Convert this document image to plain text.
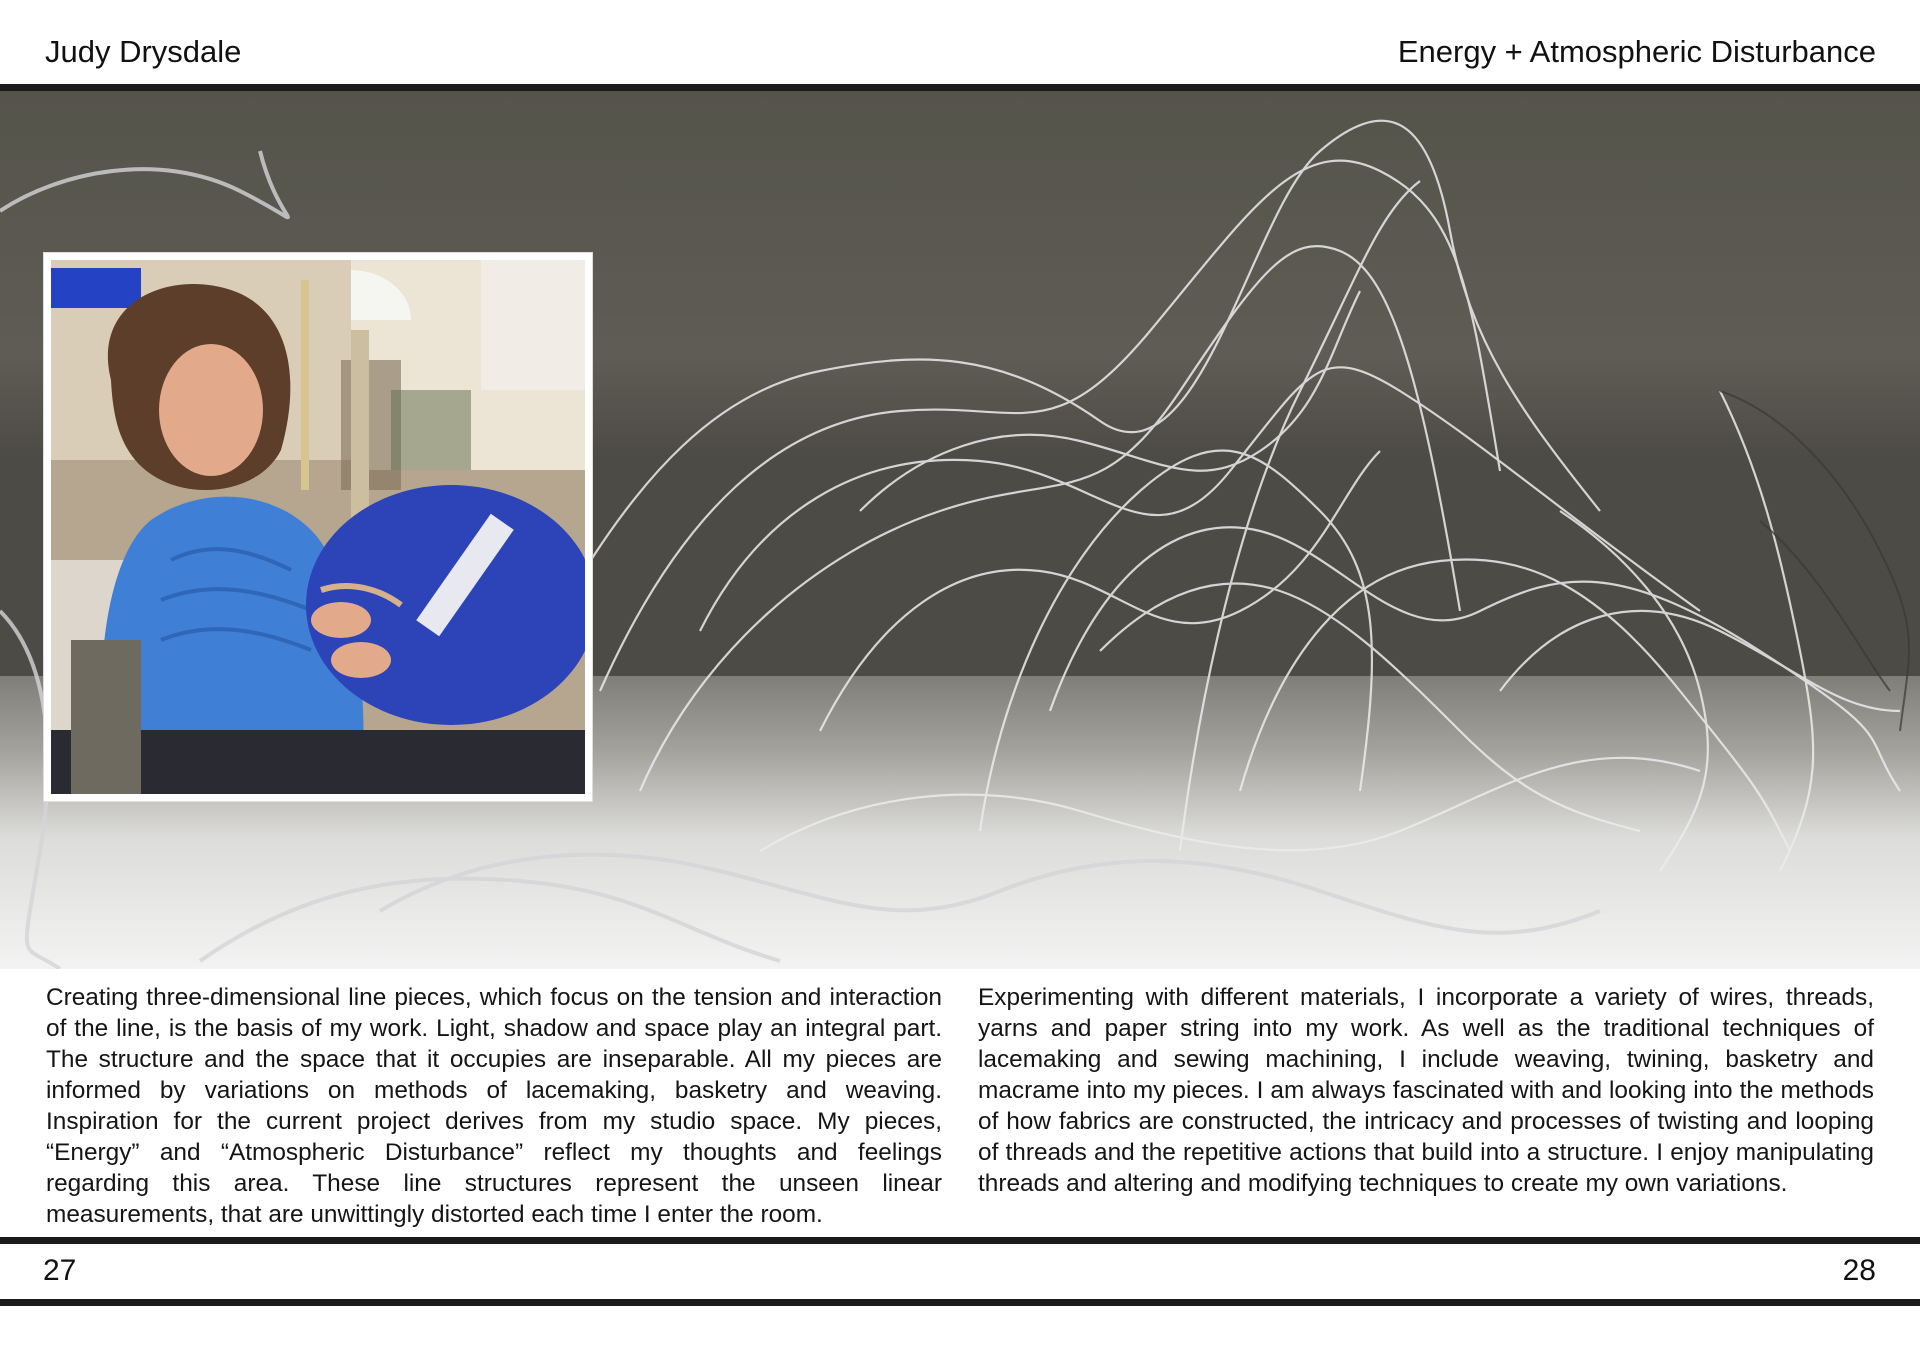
Judy Drysdale	Energy + Atmospheric Disturbance

Creating three-dimensional line pieces, which focus on the tension and interaction of the line, is the basis of my work. Light, shadow and space play an integral part. The structure and the space that it occupies are inseparable. All my pieces are informed by variations on methods of lacemaking, basketry and weaving. Inspiration for the current project derives from my studio space. My pieces, “Energy” and “Atmospheric Disturbance” reflect my thoughts and feelings regarding this area. These line structures represent the unseen linear measurements, that are unwittingly distorted each time I enter the room.

Experimenting with different materials, I incorporate a variety of wires, threads, yarns and paper string into my work. As well as the traditional techniques of lacemaking and sewing machining, I include weaving, twining, basketry and macrame into my pieces. I am always fascinated with and looking into the methods of how fabrics are constructed, the intricacy and processes of twisting and looping of threads and the repetitive actions that build into a structure. I enjoy manipulating threads and altering and modifying techniques to create my own variations.

27	28
